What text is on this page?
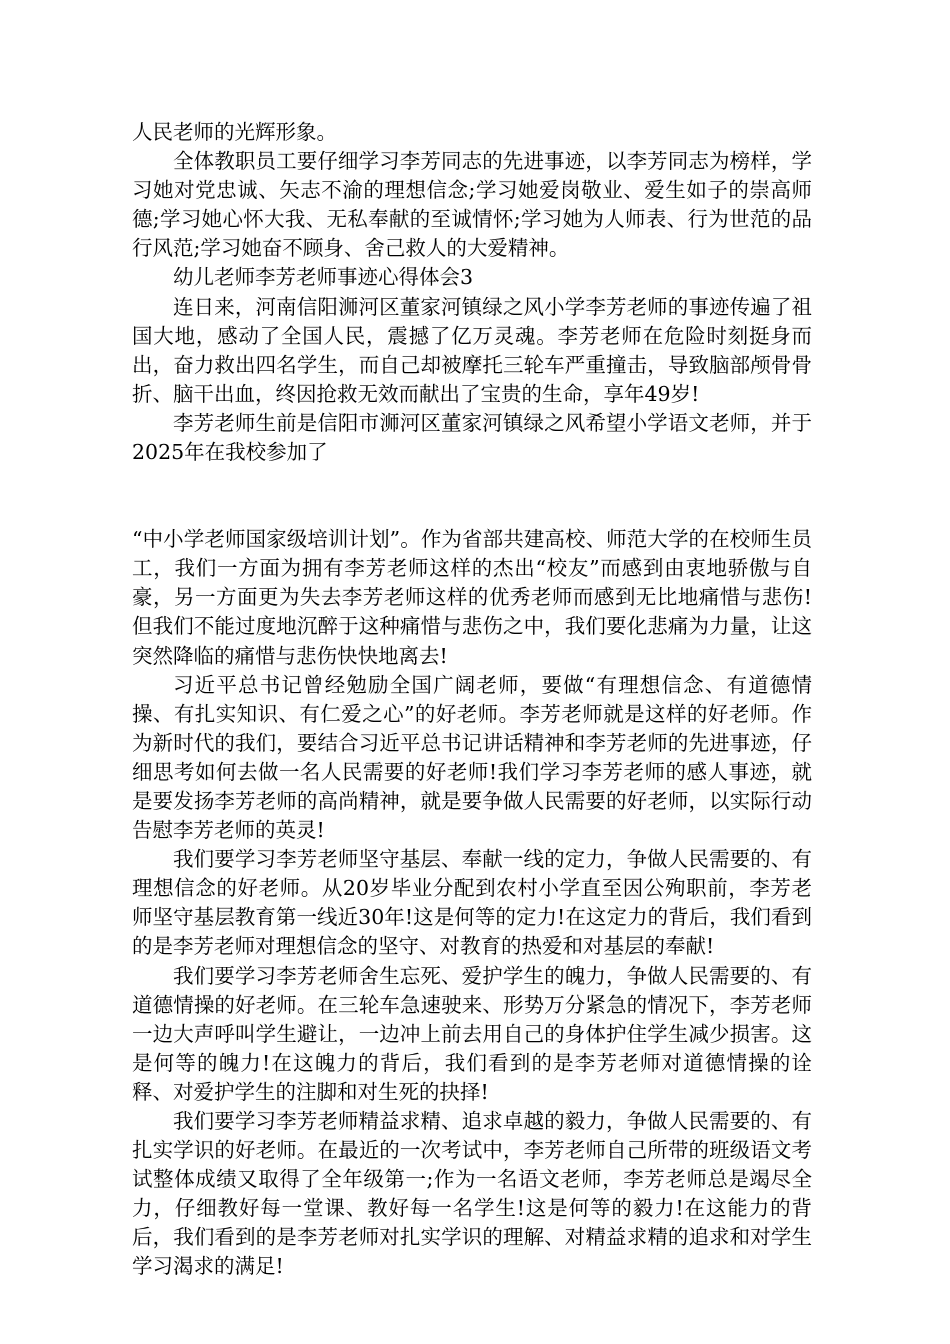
人民老师的光辉形象。

全体教职员工要仔细学习李芳同志的先进事迹，以李芳同志为榜样，学习她对党忠诚、矢志不渝的理想信念;学习她爱岗敬业、爱生如子的崇高师德;学习她心怀大我、无私奉献的至诚情怀;学习她为人师表、行为世范的品行风范;学习她奋不顾身、舍己救人的大爱精神。

幼儿老师李芳老师事迹心得体会3

连日来，河南信阳浉河区董家河镇绿之风小学李芳老师的事迹传遍了祖国大地，感动了全国人民，震撼了亿万灵魂。李芳老师在危险时刻挺身而出，奋力救出四名学生，而自己却被摩托三轮车严重撞击，导致脑部颅骨骨折、脑干出血，终因抢救无效而献出了宝贵的生命，享年49岁!

李芳老师生前是信阳市浉河区董家河镇绿之风希望小学语文老师，并于2025年在我校参加了

“中小学老师国家级培训计划”。作为省部共建高校、师范大学的在校师生员工，我们一方面为拥有李芳老师这样的杰出“校友”而感到由衷地骄傲与自豪，另一方面更为失去李芳老师这样的优秀老师而感到无比地痛惜与悲伤!但我们不能过度地沉醉于这种痛惜与悲伤之中，我们要化悲痛为力量，让这突然降临的痛惜与悲伤快快地离去!

习近平总书记曾经勉励全国广阔老师，要做“有理想信念、有道德情操、有扎实知识、有仁爱之心”的好老师。李芳老师就是这样的好老师。作为新时代的我们，要结合习近平总书记讲话精神和李芳老师的先进事迹，仔细思考如何去做一名人民需要的好老师!我们学习李芳老师的感人事迹，就是要发扬李芳老师的高尚精神，就是要争做人民需要的好老师，以实际行动告慰李芳老师的英灵!

我们要学习李芳老师坚守基层、奉献一线的定力，争做人民需要的、有理想信念的好老师。从20岁毕业分配到农村小学直至因公殉职前，李芳老师坚守基层教育第一线近30年!这是何等的定力!在这定力的背后，我们看到的是李芳老师对理想信念的坚守、对教育的热爱和对基层的奉献!

我们要学习李芳老师舍生忘死、爱护学生的魄力，争做人民需要的、有道德情操的好老师。在三轮车急速驶来、形势万分紧急的情况下，李芳老师一边大声呼叫学生避让，一边冲上前去用自己的身体护住学生减少损害。这是何等的魄力!在这魄力的背后，我们看到的是李芳老师对道德情操的诠释、对爱护学生的注脚和对生死的抉择!

我们要学习李芳老师精益求精、追求卓越的毅力，争做人民需要的、有扎实学识的好老师。在最近的一次考试中，李芳老师自己所带的班级语文考试整体成绩又取得了全年级第一;作为一名语文老师，李芳老师总是竭尽全力，仔细教好每一堂课、教好每一名学生!这是何等的毅力!在这能力的背后，我们看到的是李芳老师对扎实学识的理解、对精益求精的追求和对学生学习渴求的满足!
